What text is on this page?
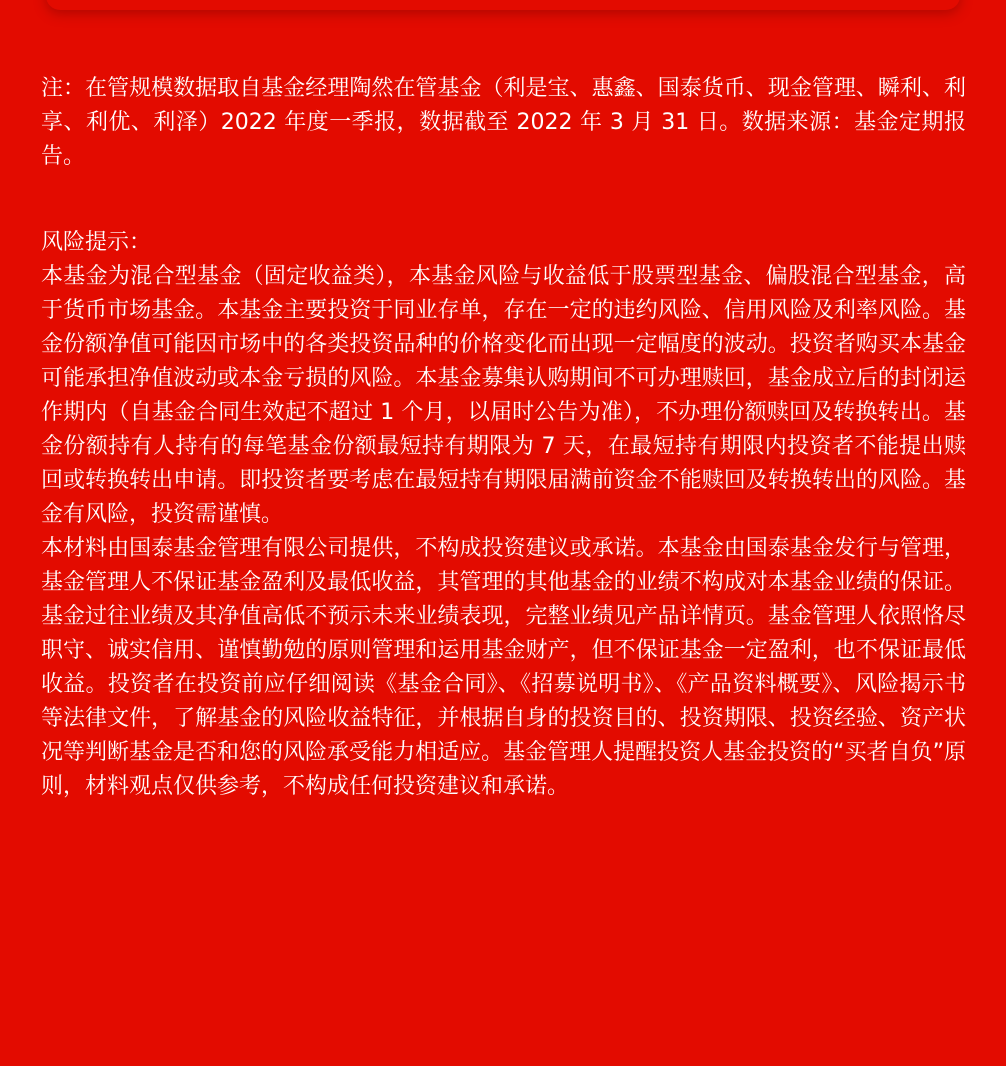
注：在管规模数据取自基金经理陶然在管基金（利是宝、惠鑫、国泰货币、现金管理、瞬利、利享、利优、利泽）2022 年度一季报，数据截至 2022 年 3 月 31 日。数据来源：基金定期报告。

风险提示：

本基金为混合型基金（固定收益类），本基金风险与收益低于股票型基金、偏股混合型基金，高于货币市场基金。本基金主要投资于同业存单，存在一定的违约风险、信用风险及利率风险。基金份额净值可能因市场中的各类投资品种的价格变化而出现一定幅度的波动。投资者购买本基金可能承担净值波动或本金亏损的风险。本基金募集认购期间不可办理赎回，基金成立后的封闭运作期内（自基金合同生效起不超过 1 个月，以届时公告为准），不办理份额赎回及转换转出。基金份额持有人持有的每笔基金份额最短持有期限为 7 天，在最短持有期限内投资者不能提出赎回或转换转出申请。即投资者要考虑在最短持有期限届满前资金不能赎回及转换转出的风险。基金有风险，投资需谨慎。

本材料由国泰基金管理有限公司提供，不构成投资建议或承诺。本基金由国泰基金发行与管理，基金管理人不保证基金盈利及最低收益，其管理的其他基金的业绩不构成对本基金业绩的保证。基金过往业绩及其净值高低不预示未来业绩表现，完整业绩见产品详情页。基金管理人依照恪尽职守、诚实信用、谨慎勤勉的原则管理和运用基金财产，但不保证基金一定盈利，也不保证最低收益。投资者在投资前应仔细阅读《基金合同》、《招募说明书》、《产品资料概要》、风险揭示书等法律文件，了解基金的风险收益特征，并根据自身的投资目的、投资期限、投资经验、资产状况等判断基金是否和您的风险承受能力相适应。基金管理人提醒投资人基金投资的“买者自负”原则，材料观点仅供参考，不构成任何投资建议和承诺。
